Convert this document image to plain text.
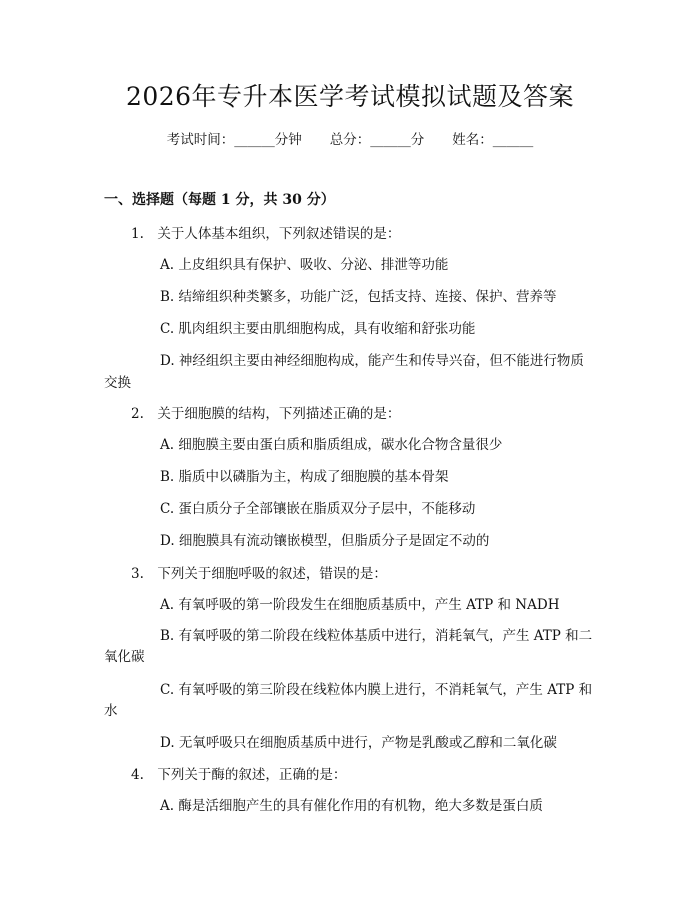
2026年专升本医学考试模拟试题及答案
考试时间：______分钟 总分：______分 姓名：______
一、选择题（每题 1 分，共 30 分）
1.　关于人体基本组织，下列叙述错误的是：
A. 上皮组织具有保护、吸收、分泌、排泄等功能
B. 结缔组织种类繁多，功能广泛，包括支持、连接、保护、营养等
C. 肌肉组织主要由肌细胞构成，具有收缩和舒张功能
D. 神经组织主要由神经细胞构成，能产生和传导兴奋，但不能进行物质
交换
2.　关于细胞膜的结构，下列描述正确的是：
A. 细胞膜主要由蛋白质和脂质组成，碳水化合物含量很少
B. 脂质中以磷脂为主，构成了细胞膜的基本骨架
C. 蛋白质分子全部镶嵌在脂质双分子层中，不能移动
D. 细胞膜具有流动镶嵌模型，但脂质分子是固定不动的
3.　下列关于细胞呼吸的叙述，错误的是：
A. 有氧呼吸的第一阶段发生在细胞质基质中，产生 ATP 和 NADH
B. 有氧呼吸的第二阶段在线粒体基质中进行，消耗氧气，产生 ATP 和二
氧化碳
C. 有氧呼吸的第三阶段在线粒体内膜上进行，不消耗氧气，产生 ATP 和
水
D. 无氧呼吸只在细胞质基质中进行，产物是乳酸或乙醇和二氧化碳
4.　下列关于酶的叙述，正确的是：
A. 酶是活细胞产生的具有催化作用的有机物，绝大多数是蛋白质
